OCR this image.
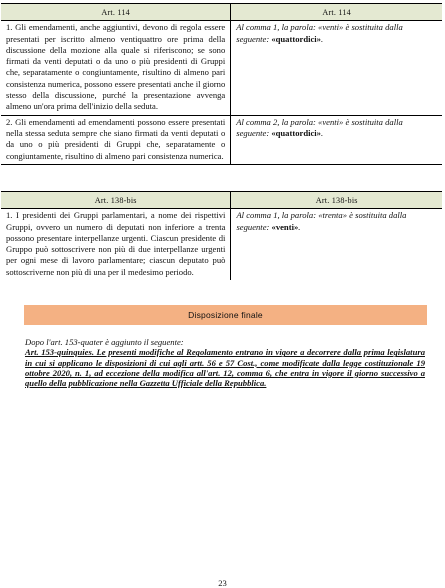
Art. 114	Art. 114
1. Gli emendamenti, anche aggiuntivi, devono di regola essere presentati per iscritto almeno ventiquattro ore prima della discussione della mozione alla quale si riferiscono; se sono firmati da venti deputati o da uno o più presidenti di Gruppi che, separatamente o congiuntamente, risultino di almeno pari consistenza numerica, possono essere presentati anche il giorno stesso della discussione, purché la presentazione avvenga almeno un'ora prima dell'inizio della seduta.	Al comma 1, la parola: «venti» è sostituita dalla seguente: «quattordici».
2. Gli emendamenti ad emendamenti possono essere presentati nella stessa seduta sempre che siano firmati da venti deputati o da uno o più presidenti di Gruppi che, separatamente o congiuntamente, risultino di almeno pari consistenza numerica.	Al comma 2, la parola: «venti» è sostituita dalla seguente: «quattordici».
Art. 138-bis	Art. 138-bis
1. I presidenti dei Gruppi parlamentari, a nome dei rispettivi Gruppi, ovvero un numero di deputati non inferiore a trenta possono presentare interpellanze urgenti. Ciascun presidente di Gruppo può sottoscrivere non più di due interpellanze urgenti per ogni mese di lavoro parlamentare; ciascun deputato può sottoscriverne non più di una per il medesimo periodo.	Al comma 1, la parola: «trenta» è sostituita dalla seguente: «venti».
Disposizione finale
Dopo l'art. 153-quater è aggiunto il seguente:
Art. 153-quinquies. Le presenti modifiche al Regolamento entrano in vigore a decorrere dalla prima legislatura in cui si applicano le disposizioni di cui agli artt. 56 e 57 Cost., come modificate dalla legge costituzionale 19 ottobre 2020, n. 1, ad eccezione della modifica all'art. 12, comma 6, che entra in vigore il giorno successivo a quello della pubblicazione nella Gazzetta Ufficiale della Repubblica.
23
